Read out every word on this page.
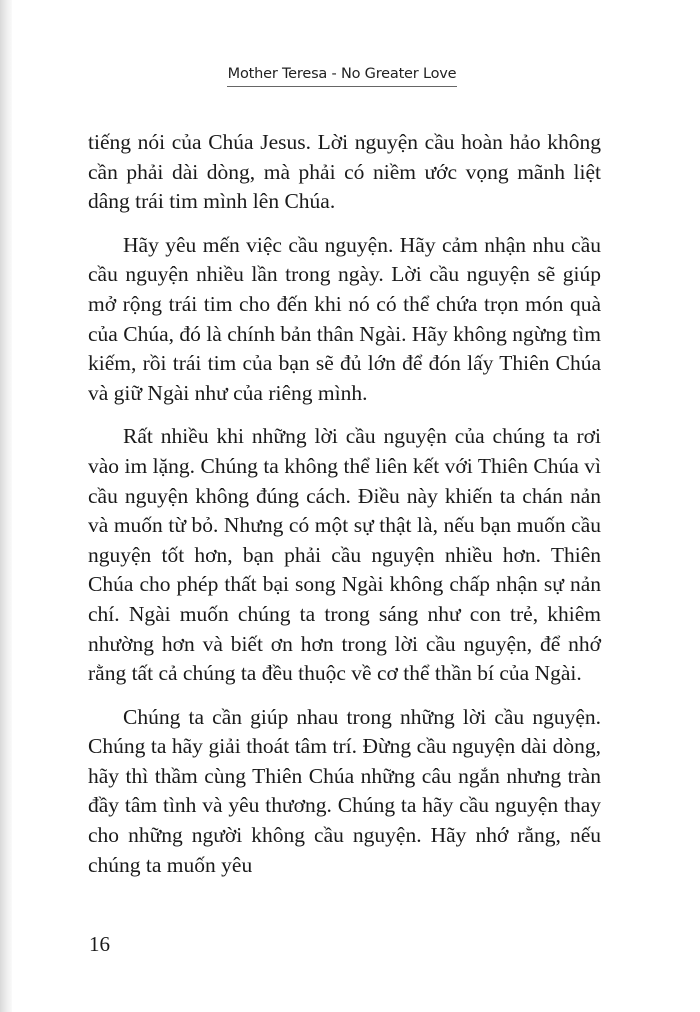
Mother Teresa - No Greater Love

tiếng nói của Chúa Jesus. Lời nguyện cầu hoàn hảo không cần phải dài dòng, mà phải có niềm ước vọng mãnh liệt dâng trái tim mình lên Chúa.

Hãy yêu mến việc cầu nguyện. Hãy cảm nhận nhu cầu cầu nguyện nhiều lần trong ngày. Lời cầu nguyện sẽ giúp mở rộng trái tim cho đến khi nó có thể chứa trọn món quà của Chúa, đó là chính bản thân Ngài. Hãy không ngừng tìm kiếm, rồi trái tim của bạn sẽ đủ lớn để đón lấy Thiên Chúa và giữ Ngài như của riêng mình.

Rất nhiều khi những lời cầu nguyện của chúng ta rơi vào im lặng. Chúng ta không thể liên kết với Thiên Chúa vì cầu nguyện không đúng cách. Điều này khiến ta chán nản và muốn từ bỏ. Nhưng có một sự thật là, nếu bạn muốn cầu nguyện tốt hơn, bạn phải cầu nguyện nhiều hơn. Thiên Chúa cho phép thất bại song Ngài không chấp nhận sự nản chí. Ngài muốn chúng ta trong sáng như con trẻ, khiêm nhường hơn và biết ơn hơn trong lời cầu nguyện, để nhớ rằng tất cả chúng ta đều thuộc về cơ thể thần bí của Ngài.

Chúng ta cần giúp nhau trong những lời cầu nguyện. Chúng ta hãy giải thoát tâm trí. Đừng cầu nguyện dài dòng, hãy thì thầm cùng Thiên Chúa những câu ngắn nhưng tràn đầy tâm tình và yêu thương. Chúng ta hãy cầu nguyện thay cho những người không cầu nguyện. Hãy nhớ rằng, nếu chúng ta muốn yêu

16
